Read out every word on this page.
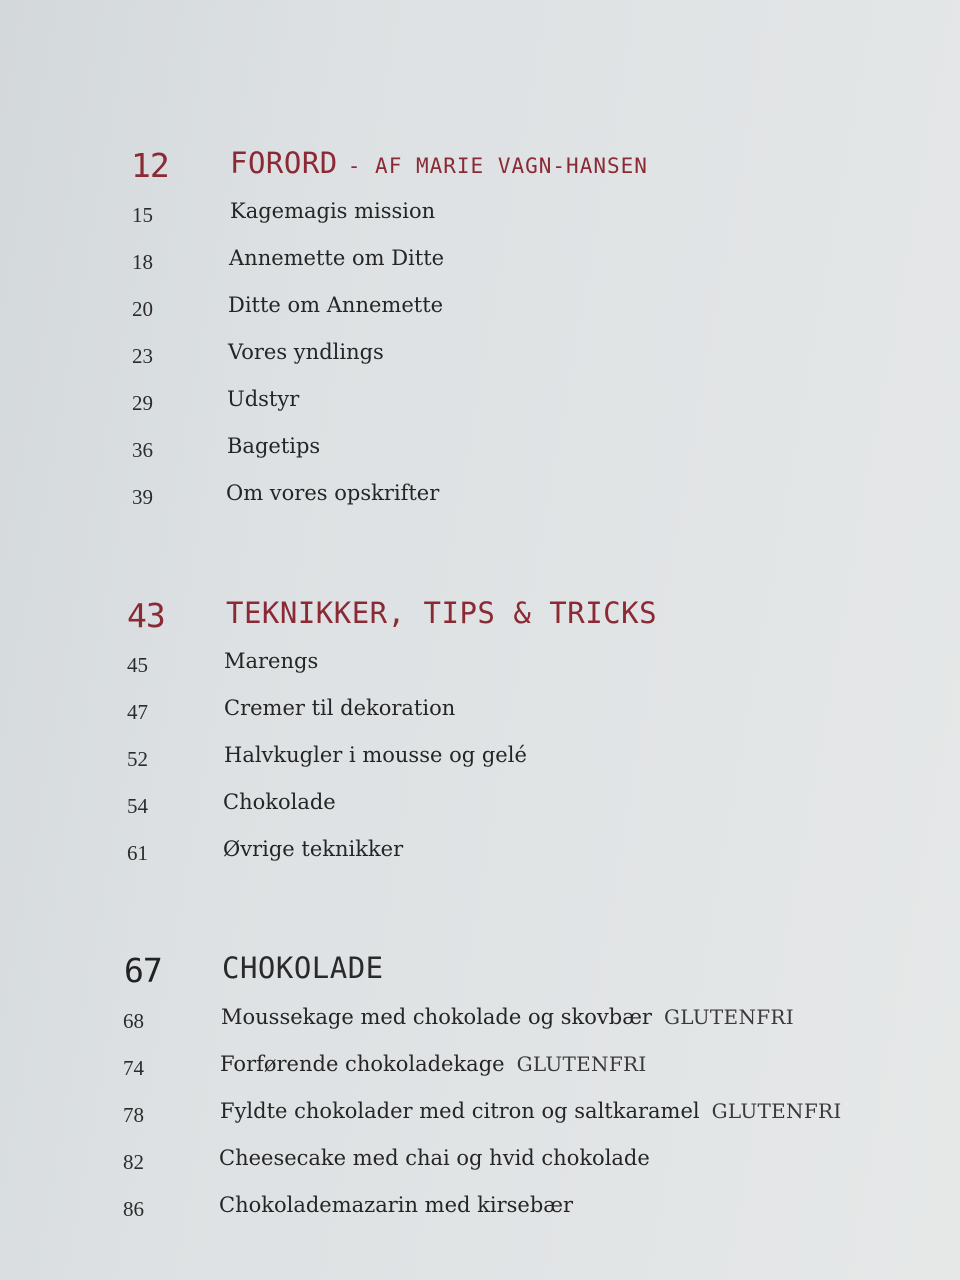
12 FORORD - AF MARIE VAGN-HANSEN
15	Kagemagis mission
18	Annemette om Ditte
20	Ditte om Annemette
23	Vores yndlings
29	Udstyr
36	Bagetips
39	Om vores opskrifter
43 TEKNIKKER, TIPS & TRICKS
45	Marengs
47	Cremer til dekoration
52	Halvkugler i mousse og gelé
54	Chokolade
61	Øvrige teknikker
67 CHOKOLADE
68	Moussekage med chokolade og skovbær GLUTENFRI
74	Forførende chokoladekage GLUTENFRI
78	Fyldte chokolader med citron og saltkaramel GLUTENFRI
82	Cheesecake med chai og hvid chokolade
86	Chokolademazarin med kirsebær
